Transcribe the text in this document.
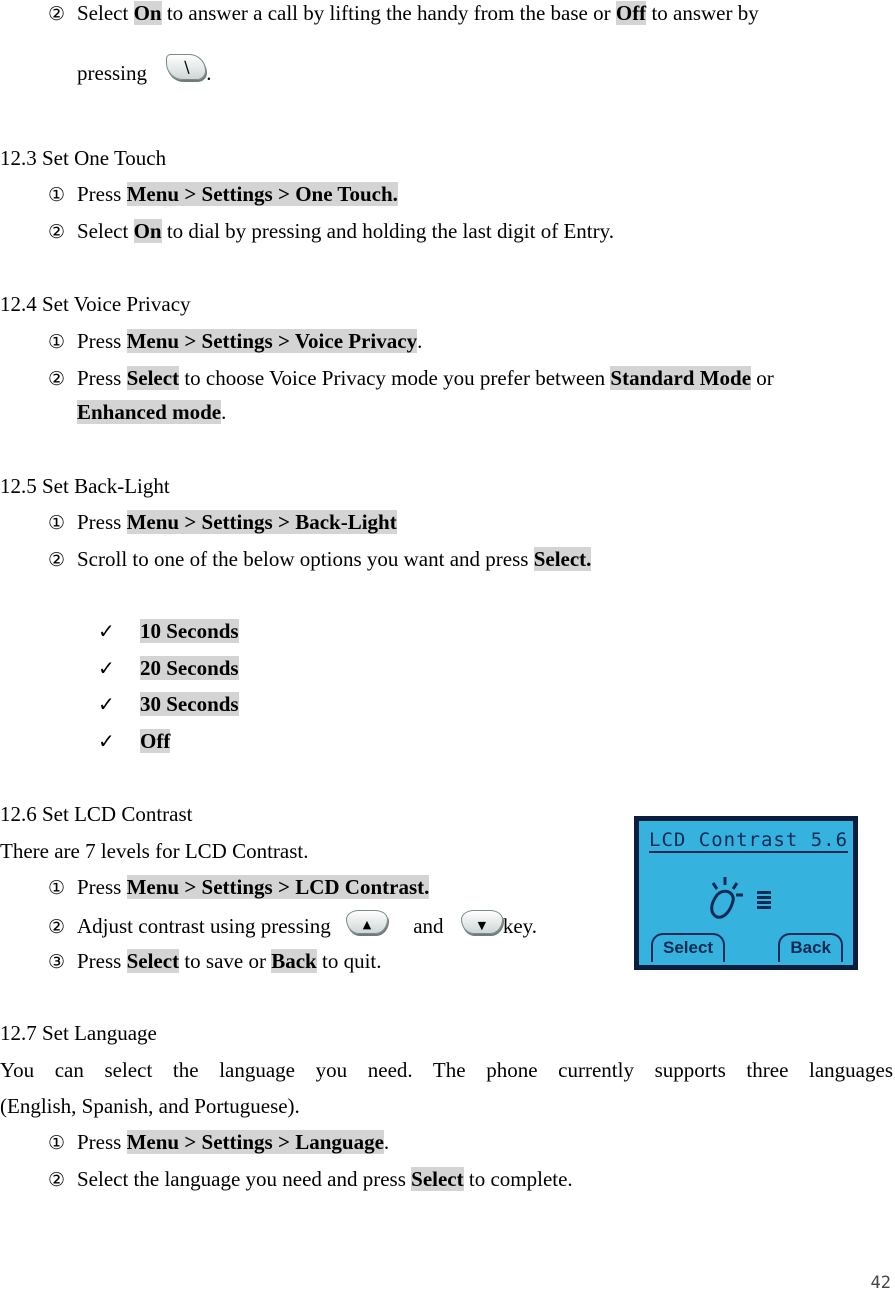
② Select On to answer a call by lifting the handy from the base or Off to answer by
pressing	∖ .
12.3 Set One Touch
① Press Menu > Settings > One Touch.
② Select On to dial by pressing and holding the last digit of Entry.
12.4 Set Voice Privacy
① Press Menu > Settings > Voice Privacy.
② Press Select to choose Voice Privacy mode you prefer between Standard Mode or
Enhanced mode.
12.5 Set Back-Light
① Press Menu > Settings > Back-Light
② Scroll to one of the below options you want and press Select.
✓ 10 Seconds
✓ 20 Seconds
✓ 30 Seconds
✓ Off
12.6 Set LCD Contrast
There are 7 levels for LCD Contrast.
① Press Menu > Settings > LCD Contrast.
② Adjust contrast using pressing	▲	and	▼ key.
③ Press Select to save or Back to quit.
LCD Contrast 5.6
Select	Back
12.7 Set Language
You can select the language you need. The phone currently supports three languages
(English, Spanish, and Portuguese).
① Press Menu > Settings > Language.
② Select the language you need and press Select to complete.
42
